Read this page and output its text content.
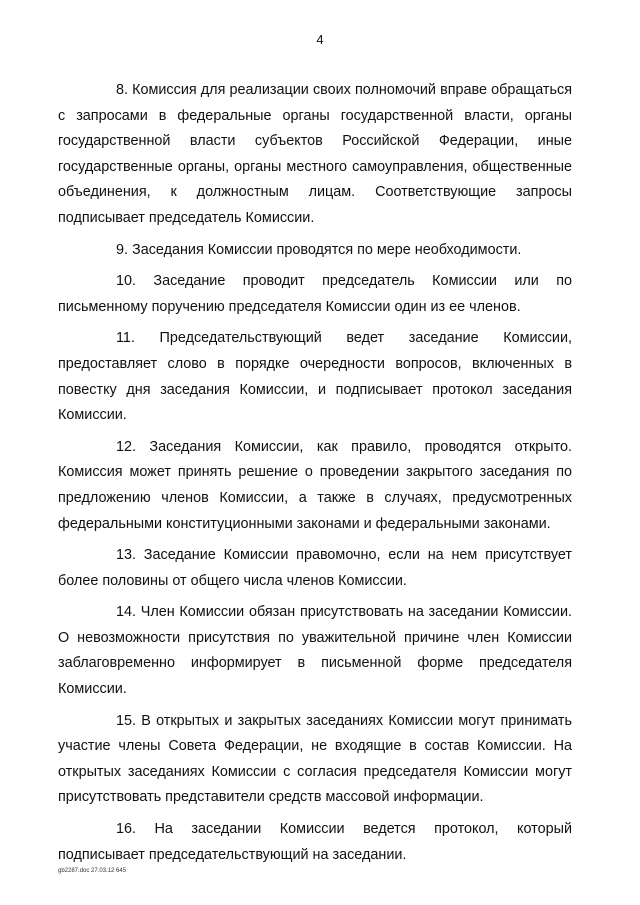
4

8. Комиссия для реализации своих полномочий вправе обращаться с запросами в федеральные органы государственной власти, органы государственной власти субъектов Российской Федерации, иные государственные органы, органы местного самоуправления, общественные объединения, к должностным лицам. Соответствующие запросы подписывает председатель Комиссии.

9. Заседания Комиссии проводятся по мере необходимости.

10. Заседание проводит председатель Комиссии или по письменному поручению председателя Комиссии один из ее членов.

11. Председательствующий ведет заседание Комиссии, предоставляет слово в порядке очередности вопросов, включенных в повестку дня заседания Комиссии, и подписывает протокол заседания Комиссии.

12. Заседания Комиссии, как правило, проводятся открыто. Комиссия может принять решение о проведении закрытого заседания по предложению членов Комиссии, а также в случаях, предусмотренных федеральными конституционными законами и федеральными законами.

13. Заседание Комиссии правомочно, если на нем присутствует более половины от общего числа членов Комиссии.

14. Член Комиссии обязан присутствовать на заседании Комиссии. О невозможности присутствия по уважительной причине член Комиссии заблаговременно информирует в письменной форме председателя Комиссии.

15. В открытых и закрытых заседаниях Комиссии могут принимать участие члены Совета Федерации, не входящие в состав Комиссии. На открытых заседаниях Комиссии с согласия председателя Комиссии могут присутствовать представители средств массовой информации.

16. На заседании Комиссии ведется протокол, который подписывает председательствующий на заседании.

gb2287.doc 27.03.12 645
